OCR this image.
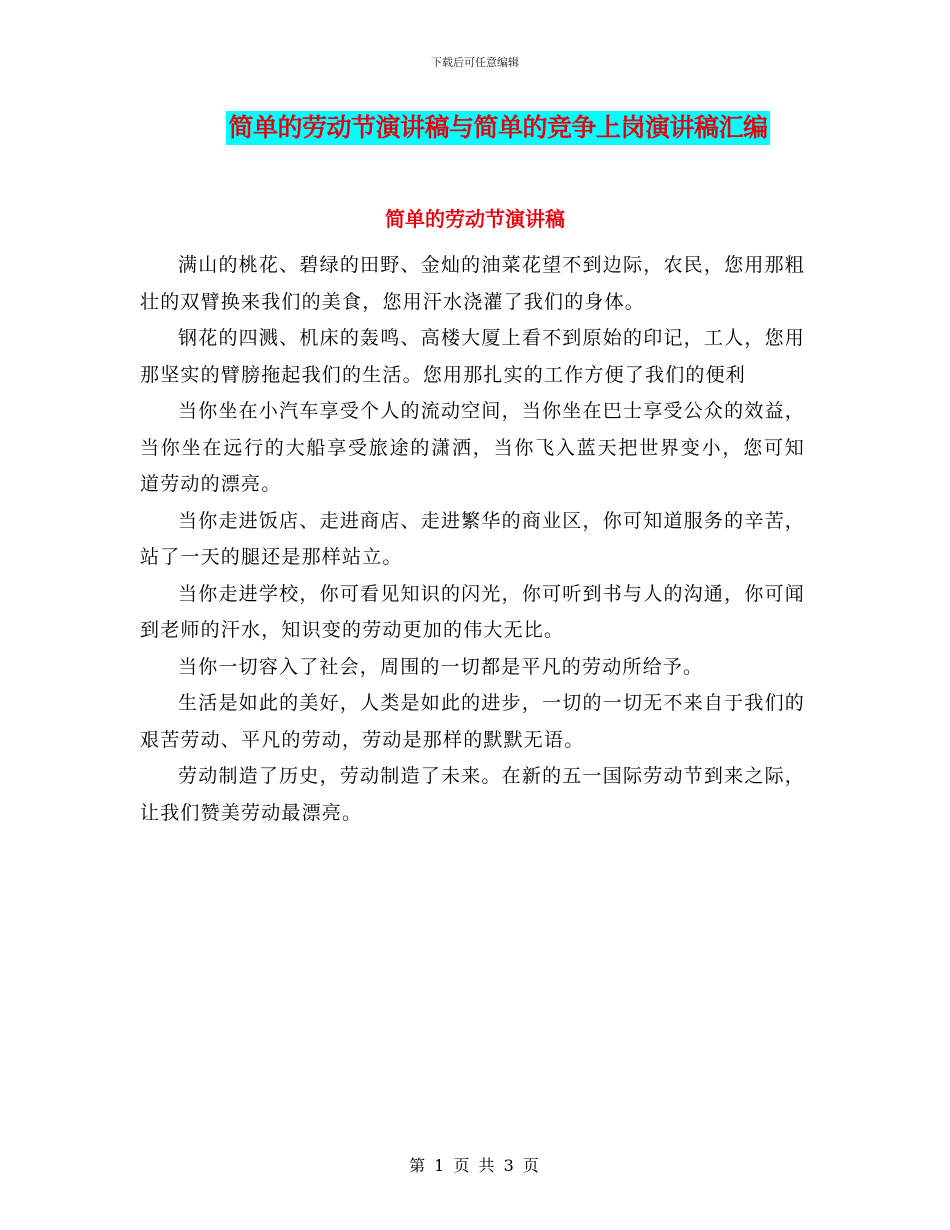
下载后可任意编辑
简单的劳动节演讲稿与简单的竞争上岗演讲稿汇编
简单的劳动节演讲稿

满山的桃花、碧绿的田野、金灿的油菜花望不到边际，农民，您用那粗壮的双臂换来我们的美食，您用汗水浇灌了我们的身体。

钢花的四溅、机床的轰鸣、高楼大厦上看不到原始的印记，工人，您用那坚实的臂膀拖起我们的生活。您用那扎实的工作方便了我们的便利

当你坐在小汽车享受个人的流动空间，当你坐在巴士享受公众的效益，当你坐在远行的大船享受旅途的潇洒，当你飞入蓝天把世界变小，您可知道劳动的漂亮。

当你走进饭店、走进商店、走进繁华的商业区，你可知道服务的辛苦，站了一天的腿还是那样站立。

当你走进学校，你可看见知识的闪光，你可听到书与人的沟通，你可闻到老师的汗水，知识变的劳动更加的伟大无比。

当你一切容入了社会，周围的一切都是平凡的劳动所给予。

生活是如此的美好，人类是如此的进步，一切的一切无不来自于我们的艰苦劳动、平凡的劳动，劳动是那样的默默无语。

劳动制造了历史，劳动制造了未来。在新的五一国际劳动节到来之际，让我们赞美劳动最漂亮。

第 1 页 共 3 页
